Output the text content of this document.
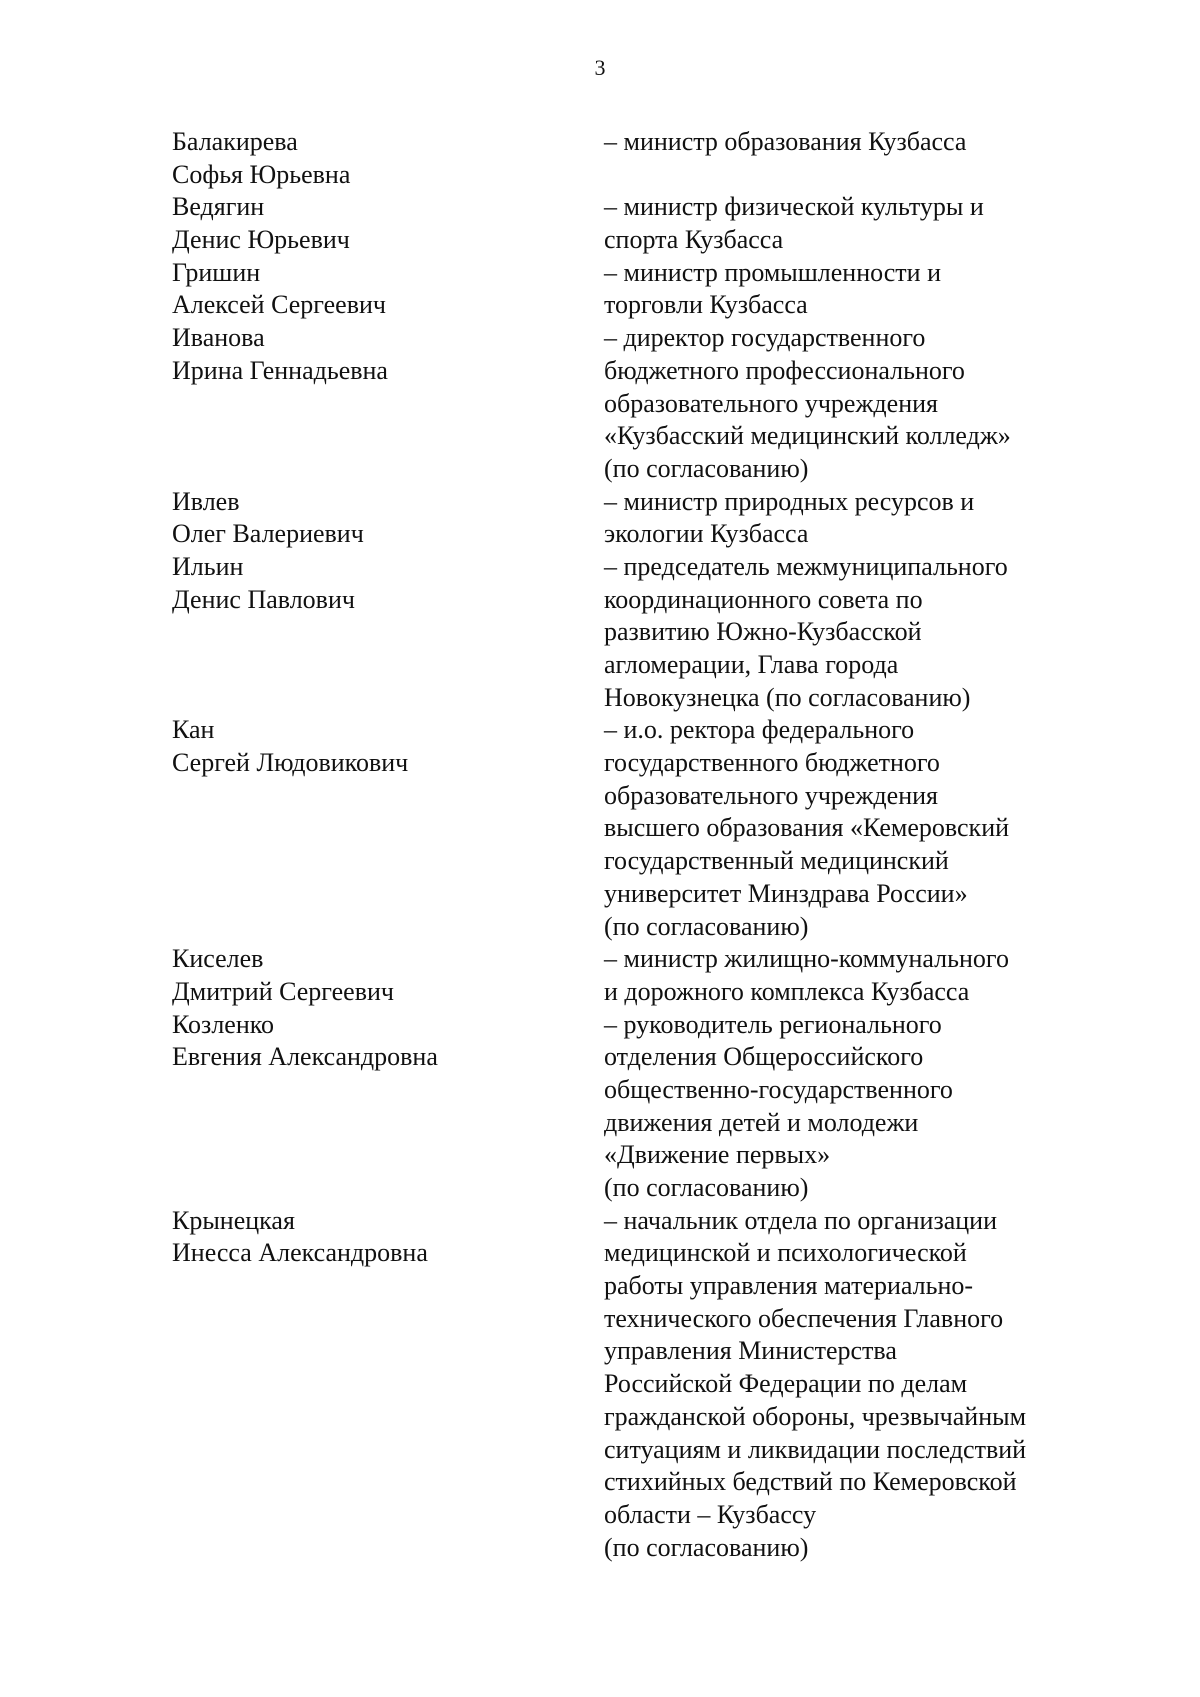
3
Балакирева
Софья Юрьевна
– министр образования Кузбасса
Ведягин
Денис Юрьевич
– министр физической культуры и
спорта Кузбасса
Гришин
Алексей Сергеевич
– министр промышленности и
торговли Кузбасса
Иванова
Ирина Геннадьевна
– директор государственного
бюджетного профессионального
образовательного учреждения
«Кузбасский медицинский колледж»
(по согласованию)
Ивлев
Олег Валериевич
– министр природных ресурсов и
экологии Кузбасса
Ильин
Денис Павлович
– председатель межмуниципального
координационного совета по
развитию Южно-Кузбасской
агломерации, Глава города
Новокузнецка (по согласованию)
Кан
Сергей Людовикович
– и.о. ректора федерального
государственного бюджетного
образовательного учреждения
высшего образования «Кемеровский
государственный медицинский
университет Минздрава России»
(по согласованию)
Киселев
Дмитрий Сергеевич
– министр жилищно-коммунального
и дорожного комплекса Кузбасса
Козленко
Евгения Александровна
– руководитель регионального
отделения Общероссийского
общественно-государственного
движения детей и молодежи
«Движение первых»
(по согласованию)
Крынецкая
Инесса Александровна
– начальник отдела по организации
медицинской и психологической
работы управления материально-
технического обеспечения Главного
управления Министерства
Российской Федерации по делам
гражданской обороны, чрезвычайным
ситуациям и ликвидации последствий
стихийных бедствий по Кемеровской
области – Кузбассу
(по согласованию)
